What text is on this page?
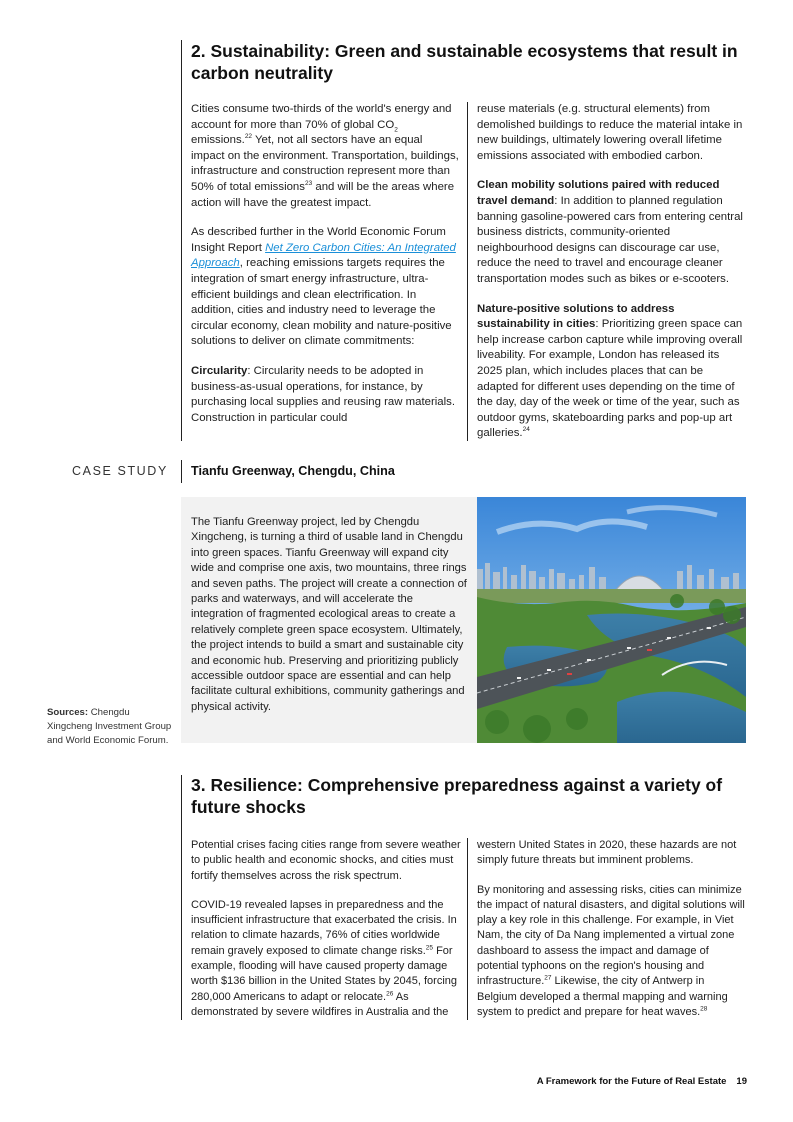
2. Sustainability: Green and sustainable ecosystems that result in carbon neutrality

Cities consume two-thirds of the world's energy and account for more than 70% of global $CO_2$ emissions.$^{22}$ Yet, not all sectors have an equal impact on the environment. Transportation, buildings, infrastructure and construction represent more than 50% of total emissions$^{23}$ and will be the areas where action will have the greatest impact.

As described further in the World Economic Forum Insight Report Net Zero Carbon Cities: An Integrated Approach, reaching emissions targets requires the integration of smart energy infrastructure, ultra-efficient buildings and clean electrification. In addition, cities and industry need to leverage the circular economy, clean mobility and nature-positive solutions to deliver on climate commitments:

Circularity: Circularity needs to be adopted in business-as-usual operations, for instance, by purchasing local supplies and reusing raw materials. Construction in particular could

reuse materials (e.g. structural elements) from demolished buildings to reduce the material intake in new buildings, ultimately lowering overall lifetime emissions associated with embodied carbon.

Clean mobility solutions paired with reduced travel demand: In addition to planned regulation banning gasoline-powered cars from entering central business districts, community-oriented neighbourhood designs can discourage car use, reduce the need to travel and encourage cleaner transportation modes such as bikes or e-scooters.

Nature-positive solutions to address sustainability in cities: Prioritizing green space can help increase carbon capture while improving overall liveability. For example, London has released its 2025 plan, which includes places that can be adapted for different uses depending on the time of the day, day of the week or time of the year, such as outdoor gyms, skateboarding parks and pop-up art galleries.$^{24}$

CASE STUDY Tianfu Greenway, Chengdu, China
The Tianfu Greenway project, led by Chengdu Xingcheng, is turning a third of usable land in Chengdu into green spaces. Tianfu Greenway will expand city wide and comprise one axis, two mountains, three rings and seven paths. The project will create a connection of parks and waterways, and will accelerate the integration of fragmented ecological areas to create a relatively complete green space ecosystem. Ultimately, the project intends to build a smart and sustainable city and economic hub. Preserving and prioritizing publicly accessible outdoor space are essential and can help facilitate cultural exhibitions, community gatherings and physical activity.
Sources: Chengdu Xingcheng Investment Group and World Economic Forum.
3. Resilience: Comprehensive preparedness against a variety of future shocks

Potential crises facing cities range from severe weather to public health and economic shocks, and cities must fortify themselves across the risk spectrum.

COVID-19 revealed lapses in preparedness and the insufficient infrastructure that exacerbated the crisis. In relation to climate hazards, 76% of cities worldwide remain gravely exposed to climate change risks.$^{25}$ For example, flooding will have caused property damage worth $136 billion in the United States by 2045, forcing 280,000 Americans to adapt or relocate.$^{26}$ As demonstrated by severe wildfires in Australia and the

western United States in 2020, these hazards are not simply future threats but imminent problems.

By monitoring and assessing risks, cities can minimize the impact of natural disasters, and digital solutions will play a key role in this challenge. For example, in Viet Nam, the city of Da Nang implemented a virtual zone dashboard to assess the impact and damage of potential typhoons on the region's housing and infrastructure.$^{27}$ Likewise, the city of Antwerp in Belgium developed a thermal mapping and warning system to predict and prepare for heat waves.$^{28}$

A Framework for the Future of Real Estate 19
